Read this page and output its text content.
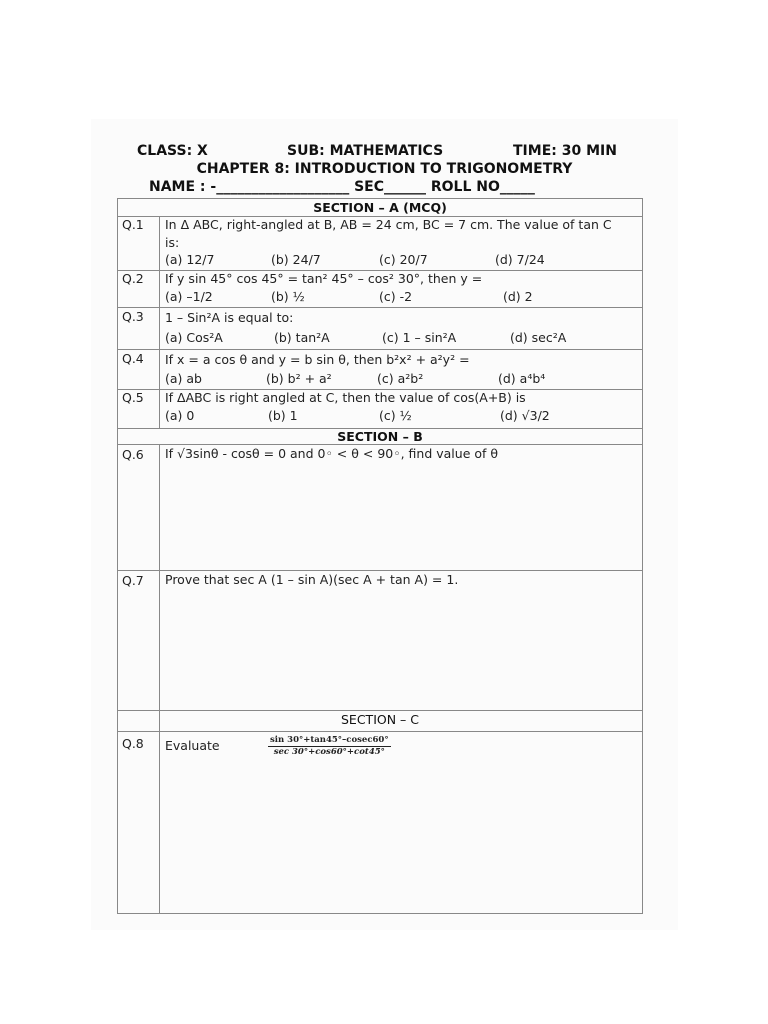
CLASS: X	SUB: MATHEMATICS	TIME: 30 MIN
CHAPTER 8: INTRODUCTION TO TRIGONOMETRY
NAME : -___________________ SEC______ ROLL NO_____
SECTION – A (MCQ)
Q.1 In Δ ABC, right-angled at B, AB = 24 cm, BC = 7 cm. The value of tan C
is:
(a) 12/7	(b) 24/7	(c) 20/7	(d) 7/24
Q.2 If y sin 45° cos 45° = tan² 45° – cos² 30°, then y =
(a) –1/2	(b) ½	(c) -2	(d) 2
Q.3 1 – Sin²A is equal to:
(a) Cos²A	(b) tan²A	(c) 1 – sin²A	(d) sec²A
Q.4 If x = a cos θ and y = b sin θ, then b²x² + a²y² =
(a) ab	(b) b² + a²	(c) a²b²	(d) a⁴b⁴
Q.5 If ΔABC is right angled at C, then the value of cos(A+B) is
(a) 0	(b) 1	(c) ½	(d) √3/2
SECTION – B
Q.6 If √3sinθ - cosθ = 0 and 0◦ < θ < 90◦, find value of θ
Q.7 Prove that sec A (1 – sin A)(sec A + tan A) = 1.
SECTION – C
Q.8 Evaluate	sin 30°+tan45°–cosec60°
sec 30°+cos60°+cot45°
